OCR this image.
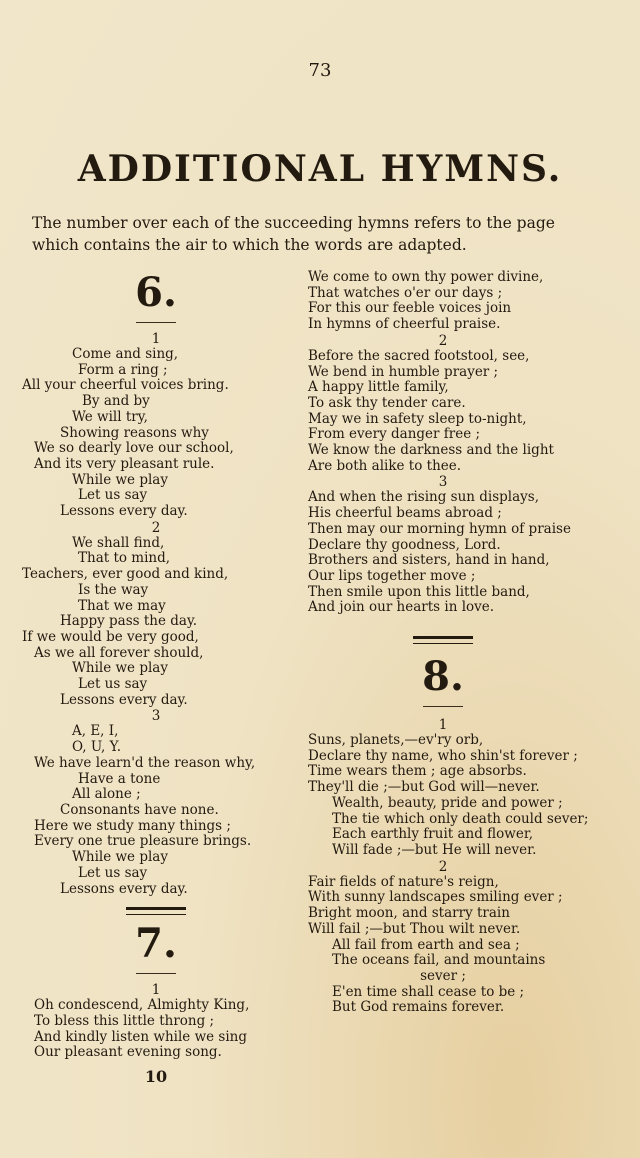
73
ADDITIONAL HYMNS.
The number over each of the succeeding hymns refers to the page
which contains the air to which the words are adapted.
6.
1
Come and sing,
Form a ring ;
All your cheerful voices bring.
By and by
We will try,
Showing reasons why
We so dearly love our school,
And its very pleasant rule.
While we play
Let us say
Lessons every day.
2
We shall find,
That to mind,
Teachers, ever good and kind,
Is the way
That we may
Happy pass the day.
If we would be very good,
As we all forever should,
While we play
Let us say
Lessons every day.
3
A, E, I,
O, U, Y.
We have learn'd the reason why,
Have a tone
All alone ;
Consonants have none.
Here we study many things ;
Every one true pleasure brings.
While we play
Let us say
Lessons every day.
7.
1
Oh condescend, Almighty King,
To bless this little throng ;
And kindly listen while we sing
Our pleasant evening song.
10
We come to own thy power divine,
That watches o'er our days ;
For this our feeble voices join
In hymns of cheerful praise.
2
Before the sacred footstool, see,
We bend in humble prayer ;
A happy little family,
To ask thy tender care.
May we in safety sleep to-night,
From every danger free ;
We know the darkness and the light
Are both alike to thee.
3
And when the rising sun displays,
His cheerful beams abroad ;
Then may our morning hymn of praise
Declare thy goodness, Lord.
Brothers and sisters, hand in hand,
Our lips together move ;
Then smile upon this little band,
And join our hearts in love.
8.
1
Suns, planets,—ev'ry orb,
Declare thy name, who shin'st forever ;
Time wears them ; age absorbs.
They'll die ;—but God will—never.
Wealth, beauty, pride and power ;
The tie which only death could sever;
Each earthly fruit and flower,
Will fade ;—but He will never.
2
Fair fields of nature's reign,
With sunny landscapes smiling ever ;
Bright moon, and starry train
Will fail ;—but Thou wilt never.
All fail from earth and sea ;
The oceans fail, and mountains
sever ;
E'en time shall cease to be ;
But God remains forever.
